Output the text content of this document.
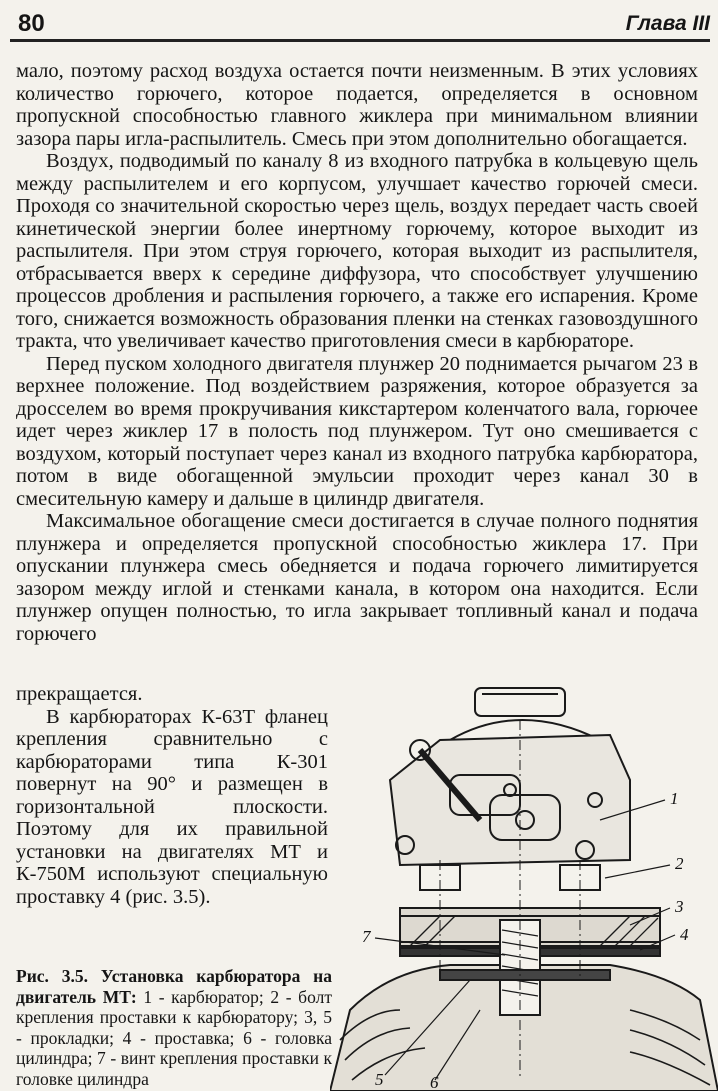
80	Глава III

мало, поэтому расход воздуха остается почти неизменным. В этих условиях количество горючего, которое подается, определяется в основном пропускной способностью главного жиклера при минимальном влиянии зазора пары игла-распылитель. Смесь при этом дополнительно обогащается.

Воздух, подводимый по каналу 8 из входного патрубка в кольцевую щель между распылителем и его корпусом, улучшает качество горючей смеси. Проходя со значительной скоростью через щель, воздух передает часть своей кинетической энергии более инертному горючему, которое выходит из распылителя. При этом струя горючего, которая выходит из распылителя, отбрасывается вверх к середине диффузора, что способствует улучшению процессов дробления и распыления горючего, а также его испарения. Кроме того, снижается возможность образования пленки на стенках газовоздушного тракта, что увеличивает качество приготовления смеси в карбюраторе.

Перед пуском холодного двигателя плунжер 20 поднимается рычагом 23 в верхнее положение. Под воздействием разряжения, которое образуется за дросселем во время прокручивания кикстартером коленчатого вала, горючее идет через жиклер 17 в полость под плунжером. Тут оно смешивается с воздухом, который поступает через канал из входного патрубка карбюратора, потом в виде обогащенной эмульсии проходит через канал 30 в смесительную камеру и дальше в цилиндр двигателя.

Максимальное обогащение смеси достигается в случае полного поднятия плунжера и определяется пропускной способностью жиклера 17. При опускании плунжера смесь обедняется и подача горючего лимитируется зазором между иглой и стенками канала, в котором она находится. Если плунжер опущен полностью, то игла закрывает топливный канал и подача горючего

прекращается.

В карбюраторах К-63Т фланец крепления сравнительно с карбюраторами типа К-301 повернут на 90° и размещен в горизонтальной плоскости. Поэтому для их правильной установки на двигателях МТ и К-750М используют специальную проставку 4 (рис. 3.5).

Рис. 3.5. Установка карбюратора на двигатель МТ: 1 - карбюратор; 2 - болт крепления проставки к карбюратору; 3, 5 - прокладки; 4 - проставка; 6 - головка цилиндра; 7 - винт крепления проставки к головке цилиндра
1
2
3
4
5	6
7
